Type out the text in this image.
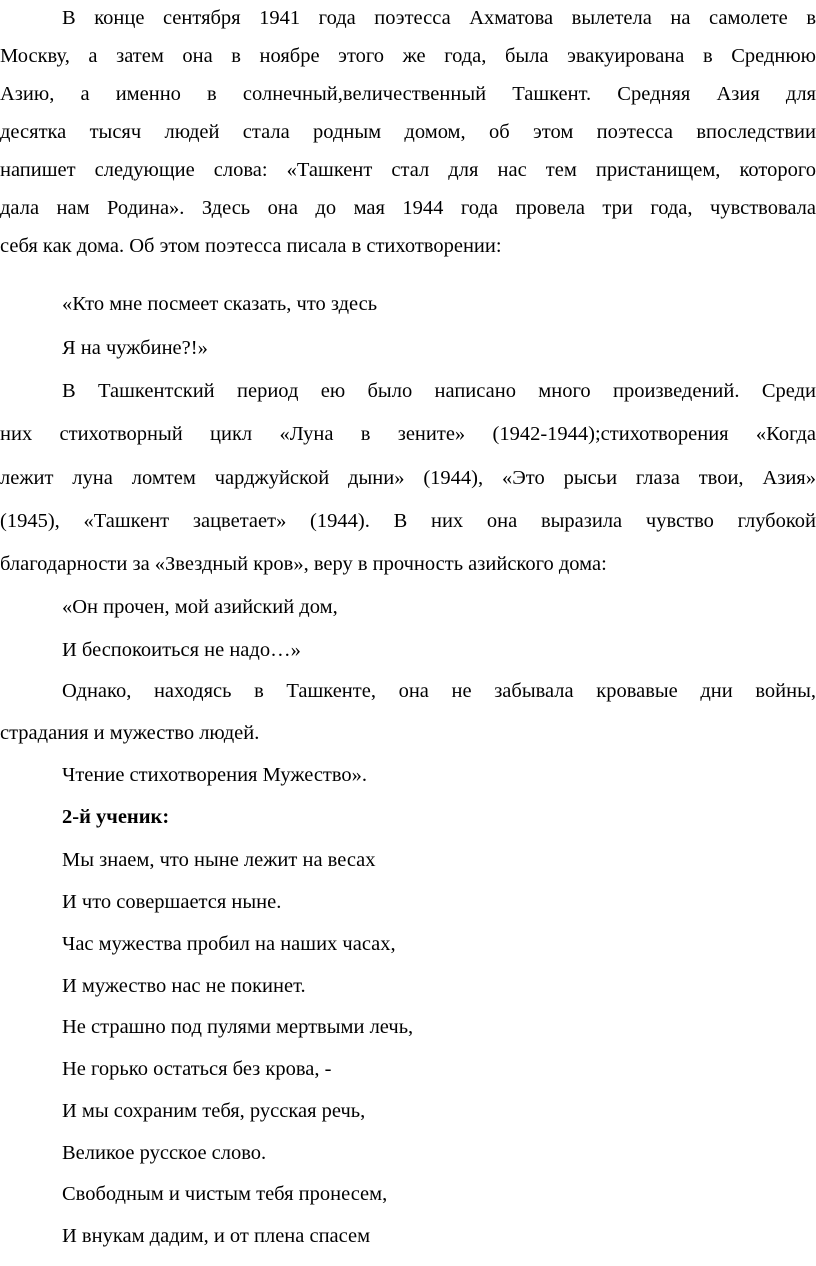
В конце сентября 1941 года поэтесса Ахматова вылетела на самолете в
Москву, а затем она в ноябре этого же года, была эвакуирована в Среднюю
Азию, а именно в солнечный,величественный Ташкент. Средняя Азия для
десятка тысяч людей стала родным домом, об этом поэтесса впоследствии
напишет следующие слова: «Ташкент стал для нас тем пристанищем, которого
дала нам Родина». Здесь она до мая 1944 года провела три года, чувствовала
себя как дома. Об этом поэтесса писала в стихотворении:
«Кто мне посмеет сказать, что здесь
Я на чужбине?!»
В Ташкентский период ею было написано много произведений. Среди
них стихотворный цикл «Луна в зените» (1942-1944);стихотворения «Когда
лежит луна ломтем чарджуйской дыни» (1944), «Это рысьи глаза твои, Азия»
(1945), «Ташкент зацветает» (1944). В них она выразила чувство глубокой
благодарности за «Звездный кров», веру в прочность азийского дома:
«Он прочен, мой азийский дом,
И беспокоиться не надо…»
Однако, находясь в Ташкенте, она не забывала кровавые дни войны,
страдания и мужество людей.
Чтение стихотворения Мужество».
2-й ученик:
Мы знаем, что ныне лежит на весах
И что совершается ныне.
Час мужества пробил на наших часах,
И мужество нас не покинет.
Не страшно под пулями мертвыми лечь,
Не горько остаться без крова, -
И мы сохраним тебя, русская речь,
Великое русское слово.
Свободным и чистым тебя пронесем,
И внукам дадим, и от плена спасем
